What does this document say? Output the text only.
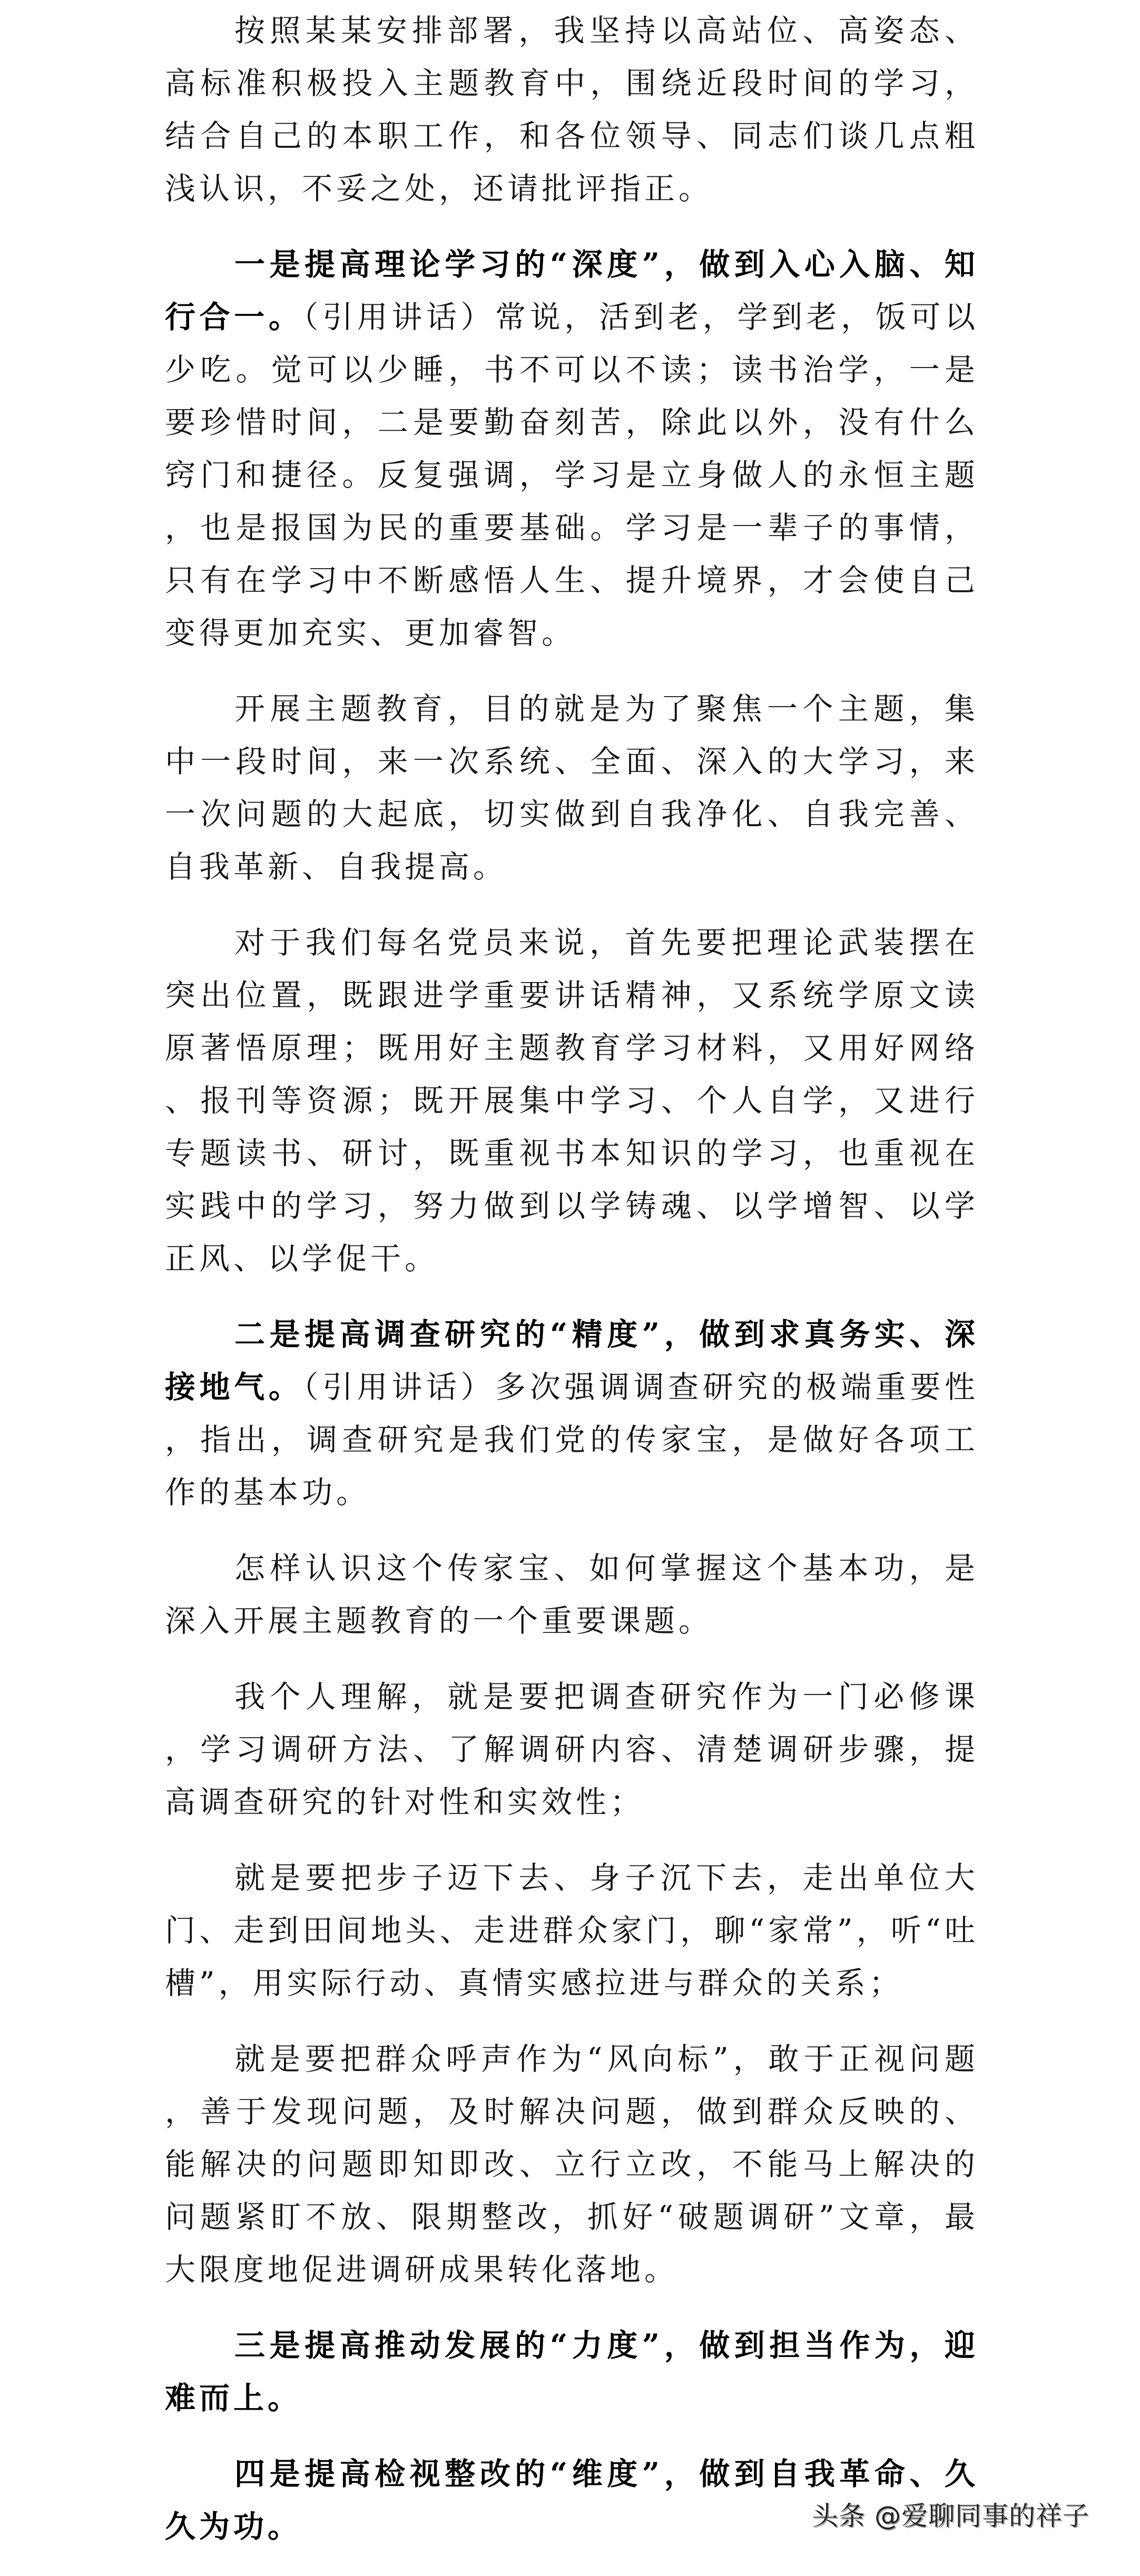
按照某某安排部署，我坚持以高站位、高姿态、高标准积极投入主题教育中，围绕近段时间的学习，结合自己的本职工作，和各位领导、同志们谈几点粗浅认识，不妥之处，还请批评指正。

一是提高理论学习的“深度”，做到入心入脑、知行合一。（引用讲话）常说，活到老，学到老，饭可以少吃。觉可以少睡，书不可以不读；读书治学，一是要珍惜时间，二是要勤奋刻苦，除此以外，没有什么窍门和捷径。反复强调，学习是立身做人的永恒主题，也是报国为民的重要基础。学习是一辈子的事情，只有在学习中不断感悟人生、提升境界，才会使自己变得更加充实、更加睿智。

开展主题教育，目的就是为了聚焦一个主题，集中一段时间，来一次系统、全面、深入的大学习，来一次问题的大起底，切实做到自我净化、自我完善、自我革新、自我提高。

对于我们每名党员来说，首先要把理论武装摆在突出位置，既跟进学重要讲话精神，又系统学原文读原著悟原理；既用好主题教育学习材料，又用好网络、报刊等资源；既开展集中学习、个人自学，又进行专题读书、研讨，既重视书本知识的学习，也重视在实践中的学习，努力做到以学铸魂、以学增智、以学正风、以学促干。

二是提高调查研究的“精度”，做到求真务实、深接地气。（引用讲话）多次强调调查研究的极端重要性，指出，调查研究是我们党的传家宝，是做好各项工作的基本功。

怎样认识这个传家宝、如何掌握这个基本功，是深入开展主题教育的一个重要课题。

我个人理解，就是要把调查研究作为一门必修课，学习调研方法、了解调研内容、清楚调研步骤，提高调查研究的针对性和实效性；

就是要把步子迈下去、身子沉下去，走出单位大门、走到田间地头、走进群众家门，聊“家常”，听“吐槽”，用实际行动、真情实感拉进与群众的关系；

就是要把群众呼声作为“风向标”，敢于正视问题，善于发现问题，及时解决问题，做到群众反映的、能解决的问题即知即改、立行立改，不能马上解决的问题紧盯不放、限期整改，抓好“破题调研”文章，最大限度地促进调研成果转化落地。

三是提高推动发展的“力度”，做到担当作为，迎难而上。

四是提高检视整改的“维度”，做到自我革命、久久为功。	头条 @爱聊同事的祥子
